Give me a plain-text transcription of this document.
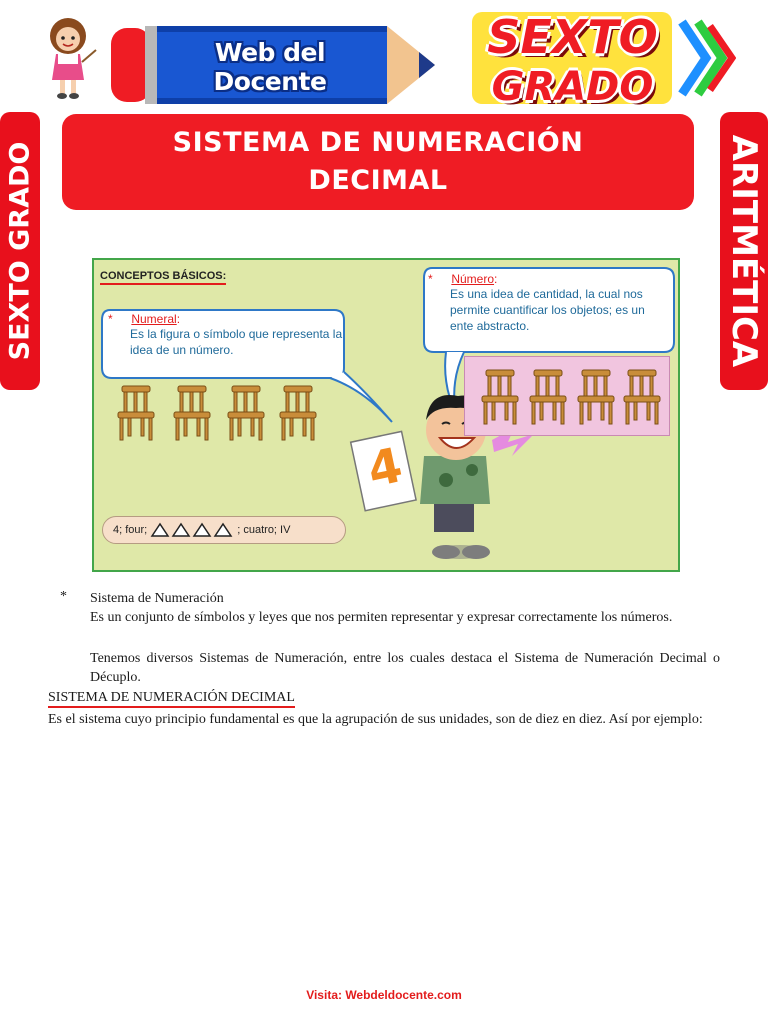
Web del Docente
SEXTO
GRADO
SEXTO GRADO	ARITMÉTICA
SISTEMA DE NUMERACIÓN DECIMAL
CONCEPTOS BÁSICOS:
* Numeral:
Es la figura o símbolo que representa la idea de un número.
* Número:
Es una idea de cantidad, la cual nos permite cuantificar los objetos; es un ente abstracto.
4
4; four;	; cuatro; IV
* Sistema de Numeración
Es un conjunto de símbolos y leyes que nos permiten representar y expresar correctamente los números.
Tenemos diversos Sistemas de Numeración, entre los cuales destaca el Sistema de Numeración Decimal o Décuplo.
SISTEMA DE NUMERACIÓN DECIMAL
Es el sistema cuyo principio fundamental es que la agrupación de sus unidades, son de diez en diez. Así por ejemplo:
Visita: Webdeldocente.com
